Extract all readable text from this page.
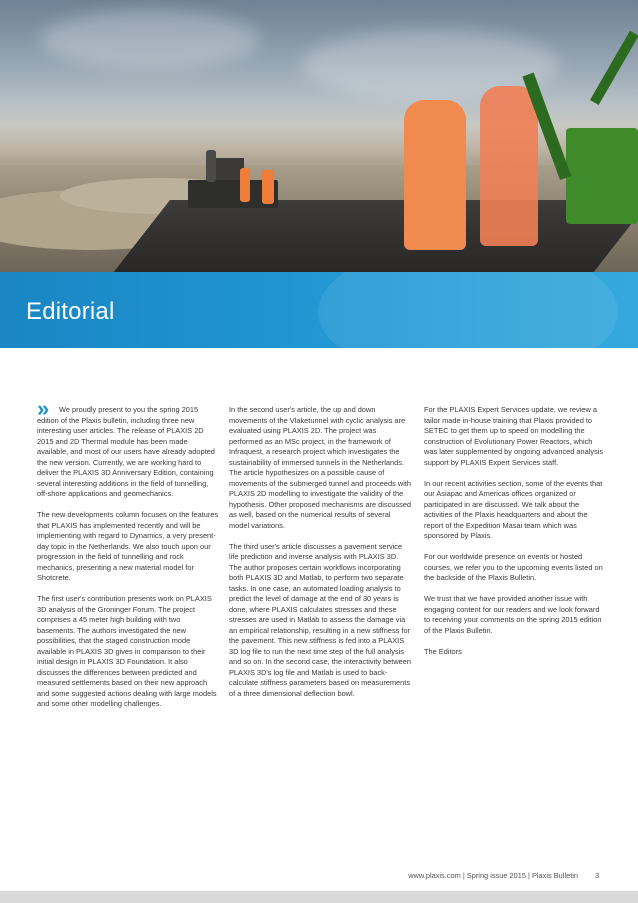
Editorial
»	We proudly present to you the spring 2015 edition of the Plaxis bulletin, including three new interesting user articles. The release of PLAXIS 2D 2015 and 2D Thermal module has been made available, and most of our users have already adopted the new version. Currently, we are working hard to deliver the PLAXIS 3D Anniversary Edition, containing several interesting additions in the field of tunnelling, off-shore applications and geomechanics.

The new developments column focuses on the features that PLAXIS has implemented recently and will be implementing with regard to Dynamics, a very present-day topic in the Netherlands. We also touch upon our progression in the field of tunnelling and rock mechanics, presenting a new material model for Shotcrete.

The first user's contribution presents work on PLAXIS 3D analysis of the Groninger Forum. The project comprises a 45 meter high building with two basements. The authors investigated the new possibilities, that the staged construction mode available in PLAXIS 3D gives in comparison to their initial design in PLAXIS 3D Foundation. It also discusses the differences between predicted and measured settlements based on their new approach and some suggested actions dealing with large models and some other modelling challenges.

In the second user's article, the up and down movements of the Vlaketunnel with cyclic analysis are evaluated using PLAXIS 2D. The project was performed as an MSc project, in the framework of Infraquest, a research project which investigates the sustainability of immersed tunnels in the Netherlands. The article hypothesizes on a possible cause of movements of the submerged tunnel and proceeds with PLAXIS 2D modelling to investigate the validity of the hypothesis. Other proposed mechanisms are discussed as well, based on the numerical results of several model variations.

The third user's article discusses a pavement service life prediction and inverse analysis with PLAXIS 3D. The author proposes certain workflows incorporating both PLAXIS 3D and Matlab, to perform two separate tasks. In one case, an automated loading analysis to predict the level of damage at the end of 30 years is done, where PLAXIS calculates stresses and these stresses are used in Matlab to assess the damage via an empirical relationship, resulting in a new stiffness for the pavement. This new stiffness is fed into a PLAXIS 3D log file to run the next time step of the full analysis and so on. In the second case, the interactivity between PLAXIS 3D's log file and Matlab is used to back-calculate stiffness parameters based on measurements of a three dimensional deflection bowl.

For the PLAXIS Expert Services update, we review a tailor made in-house training that Plaxis provided to SETEC to get them up to speed on modelling the construction of Evolutionary Power Reactors, which was later supplemented by ongoing advanced analysis support by PLAXIS Expert Services staff.

In our recent activities section, some of the events that our Asiapac and Americas offices organized or participated in are discussed. We talk about the activities of the Plaxis headquarters and about the report of the Expedition Masai team which was sponsored by Plaxis.

For our worldwide presence on events or hosted courses, we refer you to the upcoming events listed on the backside of the Plaxis Bulletin.

We trust that we have provided another issue with engaging content for our readers and we look forward to receiving your comments on the spring 2015 edition of the Plaxis Bulletin.

The Editors

www.plaxis.com | Spring issue 2015 | Plaxis Bulletin 3
